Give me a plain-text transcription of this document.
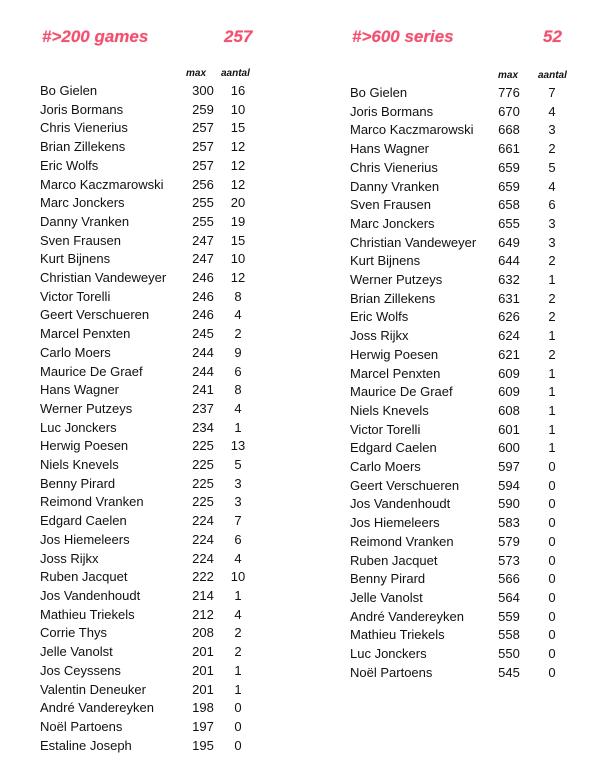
#>200 games	257
max aantal
Bo Gielen	300	16
Joris Bormans	259	10
Chris Vienerius	257	15
Brian Zillekens	257	12
Eric Wolfs	257	12
Marco Kaczmarowski	256	12
Marc Jonckers	255	20
Danny Vranken	255	19
Sven Frausen	247	15
Kurt Bijnens	247	10
Christian Vandeweyer	246	12
Victor Torelli	246	8
Geert Verschueren	246	4
Marcel Penxten	245	2
Carlo Moers	244	9
Maurice De Graef	244	6
Hans Wagner	241	8
Werner Putzeys	237	4
Luc Jonckers	234	1
Herwig Poesen	225	13
Niels Knevels	225	5
Benny Pirard	225	3
Reimond Vranken	225	3
Edgard Caelen	224	7
Jos Hiemeleers	224	6
Joss Rijkx	224	4
Ruben Jacquet	222	10
Jos Vandenhoudt	214	1
Mathieu Triekels	212	4
Corrie Thys	208	2
Jelle Vanolst	201	2
Jos Ceyssens	201	1
Valentin Deneuker	201	1
André Vandereyken	198	0
Noël Partoens	197	0
Estaline Joseph	195	0
#>600 series	52
max aantal
Bo Gielen	776	7
Joris Bormans	670	4
Marco Kaczmarowski	668	3
Hans Wagner	661	2
Chris Vienerius	659	5
Danny Vranken	659	4
Sven Frausen	658	6
Marc Jonckers	655	3
Christian Vandeweyer	649	3
Kurt Bijnens	644	2
Werner Putzeys	632	1
Brian Zillekens	631	2
Eric Wolfs	626	2
Joss Rijkx	624	1
Herwig Poesen	621	2
Marcel Penxten	609	1
Maurice De Graef	609	1
Niels Knevels	608	1
Victor Torelli	601	1
Edgard Caelen	600	1
Carlo Moers	597	0
Geert Verschueren	594	0
Jos Vandenhoudt	590	0
Jos Hiemeleers	583	0
Reimond Vranken	579	0
Ruben Jacquet	573	0
Benny Pirard	566	0
Jelle Vanolst	564	0
André Vandereyken	559	0
Mathieu Triekels	558	0
Luc Jonckers	550	0
Noël Partoens	545	0
